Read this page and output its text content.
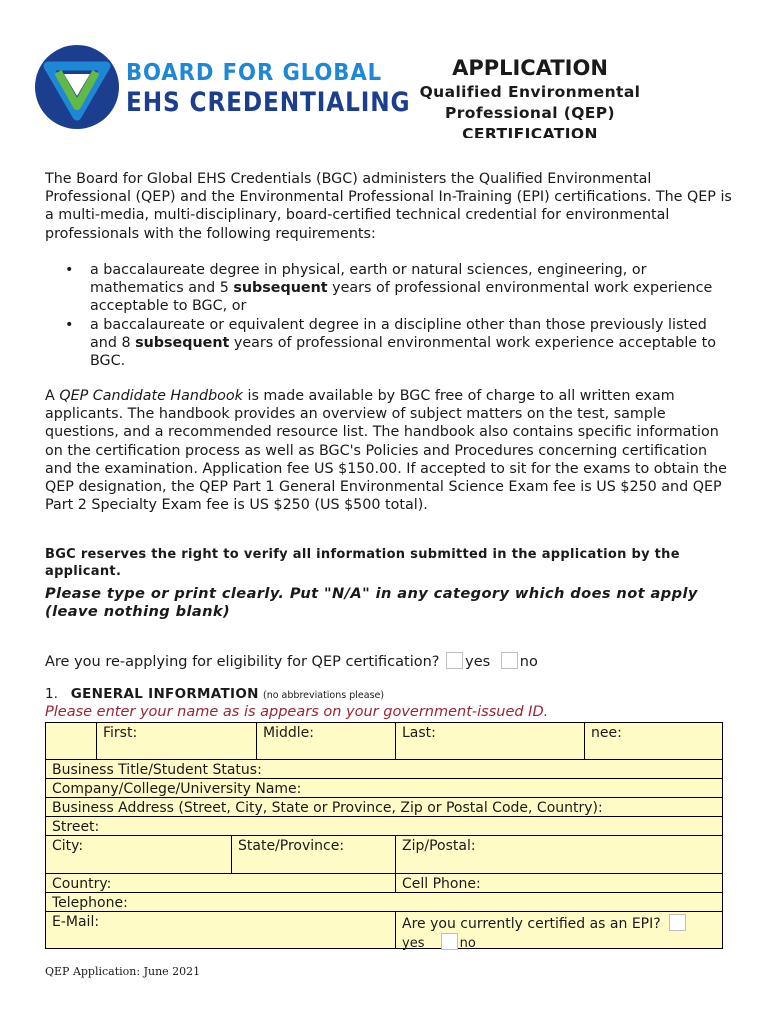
BOARD FOR GLOBAL
EHS CREDENTIALING
APPLICATION
Qualified Environmental
Professional (QEP)
CERTIFICATION
The Board for Global EHS Credentials (BGC) administers the Qualified Environmental Professional (QEP) and the Environmental Professional In-Training (EPI) certifications. The QEP is a multi-media, multi-disciplinary, board-certified technical credential for environmental professionals with the following requirements:
• a baccalaureate degree in physical, earth or natural sciences, engineering, or mathematics and 5 subsequent years of professional environmental work experience acceptable to BGC, or
• a baccalaureate or equivalent degree in a discipline other than those previously listed and 8 subsequent years of professional environmental work experience acceptable to BGC.
A QEP Candidate Handbook is made available by BGC free of charge to all written exam applicants. The handbook provides an overview of subject matters on the test, sample questions, and a recommended resource list. The handbook also contains specific information on the certification process as well as BGC's Policies and Procedures concerning certification and the examination. Application fee US $150.00. If accepted to sit for the exams to obtain the QEP designation, the QEP Part 1 General Environmental Science Exam fee is US $250 and QEP Part 2 Specialty Exam fee is US $250 (US $500 total).
BGC reserves the right to verify all information submitted in the application by the applicant.
Please type or print clearly. Put "N/A" in any category which does not apply (leave nothing blank)
Are you re-applying for eligibility for QEP certification? yes no
1. GENERAL INFORMATION (no abbreviations please)
Please enter your name as is appears on your government-issued ID.
First:	Middle:	Last:	nee:
Business Title/Student Status:
Company/College/University Name:
Business Address (Street, City, State or Province, Zip or Postal Code, Country):
Street:
City:	State/Province:	Zip/Postal:
Country:	Cell Phone:
Telephone:
E-Mail:	Are you currently certified as an EPI?
yes	no
QEP Application: June 2021
